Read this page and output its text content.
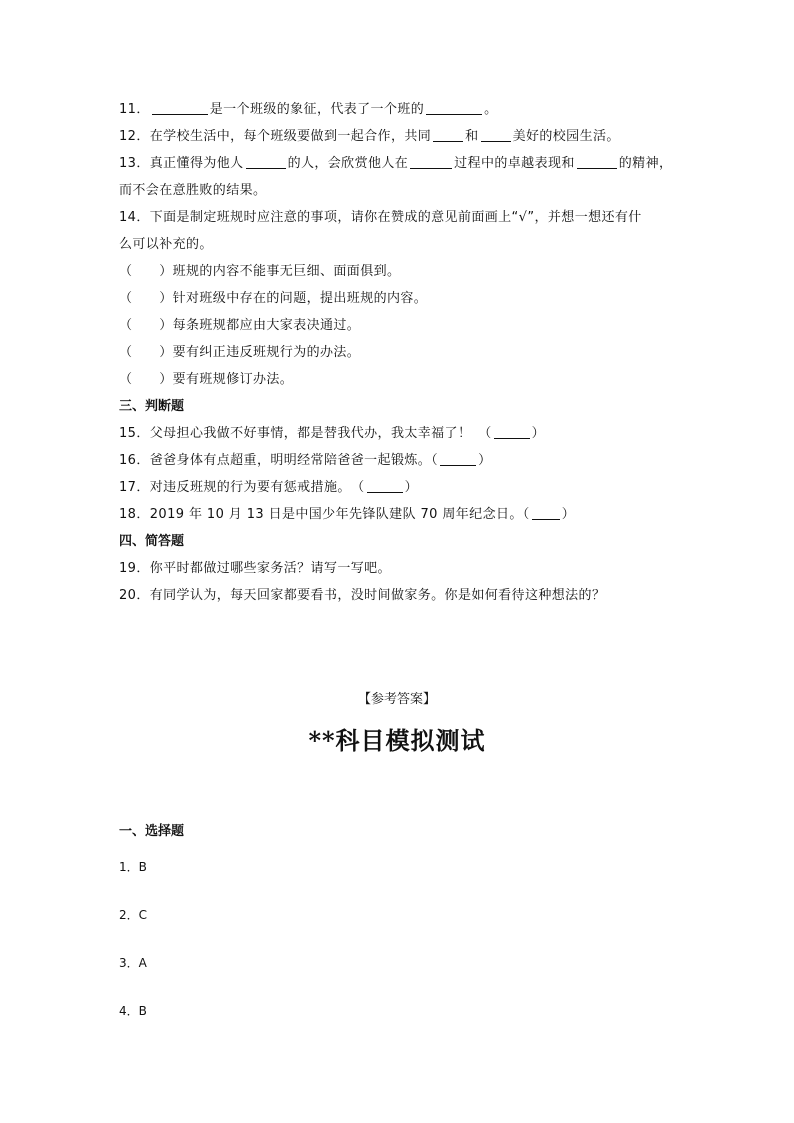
11．	是一个班级的象征，代表了一个班的	。
12．在学校生活中，每个班级要做到一起合作，共同	和	美好的校园生活。
13．真正懂得为他人	的人，会欣赏他人在	过程中的卓越表现和	的精神，
而不会在意胜败的结果。
14．下面是制定班规时应注意的事项，请你在赞成的意见前面画上“√”，并想一想还有什
么可以补充的。
（　　）班规的内容不能事无巨细、面面俱到。
（　　）针对班级中存在的问题，提出班规的内容。
（　　）每条班规都应由大家表决通过。
（　　）要有纠正违反班规行为的办法。
（　　）要有班规修订办法。
三、判断题
15．父母担心我做不好事情，都是替我代办，我太幸福了！　（	）
16．爸爸身体有点超重，明明经常陪爸爸一起锻炼。（	）
17．对违反班规的行为要有惩戒措施。　（	）
18．2019 年 10 月 13 日是中国少年先锋队建队 70 周年纪念日。（ ）
四、简答题
19．你平时都做过哪些家务活？请写一写吧。
20．有同学认为，每天回家都要看书，没时间做家务。你是如何看待这种想法的？
【参考答案】
**科目模拟测试
一、选择题
1．B
2．C
3．A
4．B
